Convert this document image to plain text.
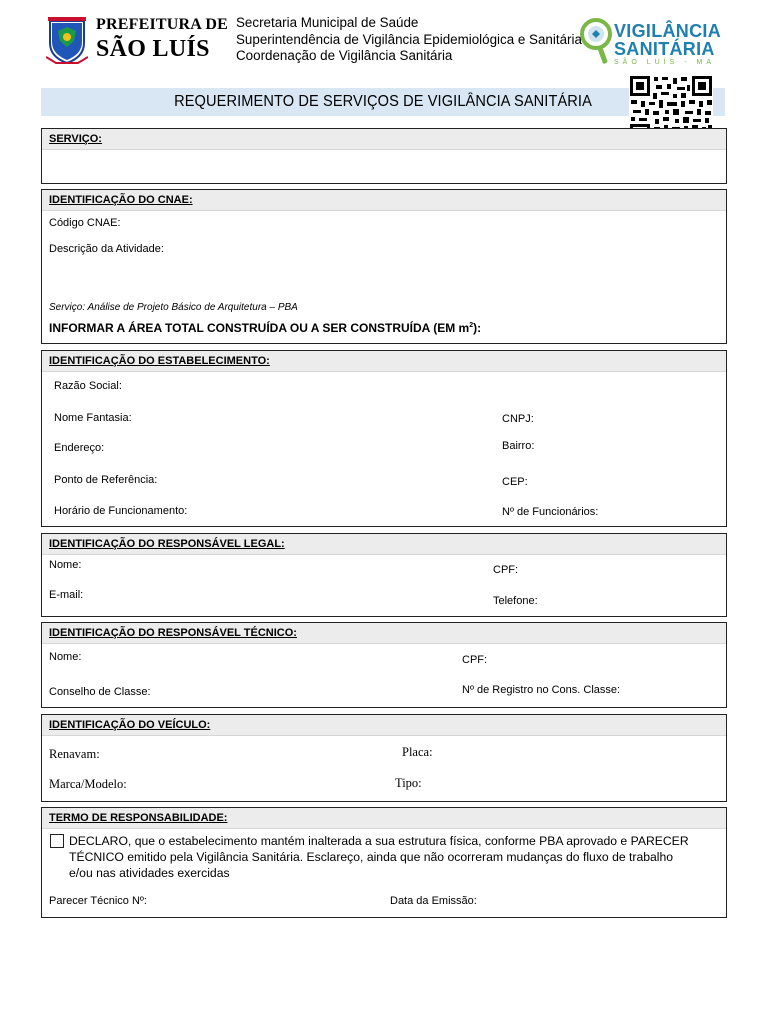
PREFEITURA DE
SÃO LUÍS
Secretaria Municipal de Saúde
Superintendência de Vigilância Epidemiológica e Sanitária
Coordenação de Vigilância Sanitária
VIGILÂNCIA
SANITÁRIA
SÃO LUÍS - MA
REQUERIMENTO DE SERVIÇOS DE VIGILÂNCIA SANITÁRIA
SERVIÇO:
IDENTIFICAÇÃO DO CNAE:
Código CNAE:
Descrição da Atividade:
Serviço: Análise de Projeto Básico de Arquitetura – PBA
INFORMAR A ÁREA TOTAL CONSTRUÍDA OU A SER CONSTRUÍDA (EM $m^2$):
IDENTIFICAÇÃO DO ESTABELECIMENTO:
Razão Social:
Nome Fantasia:	CNPJ:
Endereço:	Bairro:
Ponto de Referência:	CEP:
Horário de Funcionamento:	Nº de Funcionários:
IDENTIFICAÇÃO DO RESPONSÁVEL LEGAL:
Nome:	CPF:
E-mail:	Telefone:
IDENTIFICAÇÃO DO RESPONSÁVEL TÉCNICO:
Nome:	CPF:
Conselho de Classe:	Nº de Registro no Cons. Classe:
IDENTIFICAÇÃO DO VEÍCULO:
Renavam:	Placa:
Marca/Modelo:	Tipo:
TERMO DE RESPONSABILIDADE:
DECLARO, que o estabelecimento mantém inalterada a sua estrutura física, conforme PBA aprovado e PARECER
TÉCNICO emitido pela Vigilância Sanitária. Esclareço, ainda que não ocorreram mudanças do fluxo de trabalho
e/ou nas atividades exercidas
Parecer Técnico Nº:	Data da Emissão:
